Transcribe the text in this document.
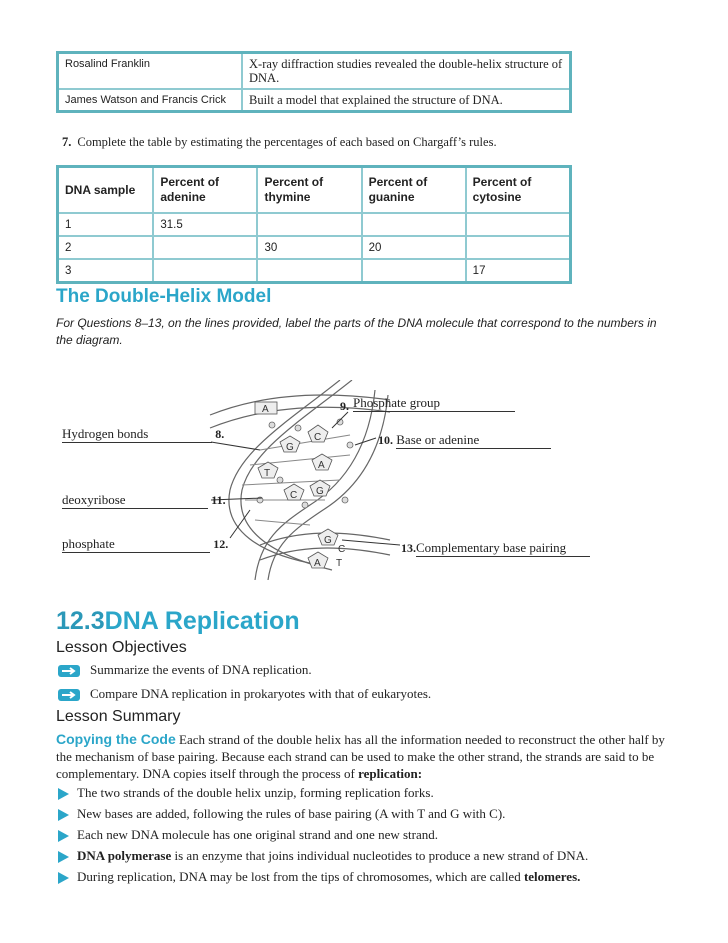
Rosalind Franklin	X-ray diffraction studies revealed the double-helix structure of DNA.
James Watson and Francis Crick	Built a model that explained the structure of DNA.
7. Complete the table by estimating the percentages of each based on Chargaff’s rules.
DNA sample	Percent of adenine	Percent of thymine	Percent of guanine	Percent of cytosine
1	31.5			
2		30	20	
3				17
The Double-Helix Model
For Questions 8–13, on the lines provided, label the parts of the DNA molecule that correspond to the numbers in the diagram.
A
C
G
A
T
C G
G
C
A T
9. Phosphate group
Hydrogen bonds	8.	10. Base or adenine
deoxyribose	11.
phosphate	12.	13.Complementary base pairing
12.3DNA Replication
Lesson Objectives
Summarize the events of DNA replication.
Compare DNA replication in prokaryotes with that of eukaryotes.
Lesson Summary
Copying the Code Each strand of the double helix has all the information needed to reconstruct the other half by the mechanism of base pairing. Because each strand can be used to make the other strand, the strands are said to be complementary. DNA copies itself through the process of replication:
The two strands of the double helix unzip, forming replication forks.
New bases are added, following the rules of base pairing (A with T and G with C).
Each new DNA molecule has one original strand and one new strand.
DNA polymerase is an enzyme that joins individual nucleotides to produce a new strand of DNA.
During replication, DNA may be lost from the tips of chromosomes, which are called telomeres.
